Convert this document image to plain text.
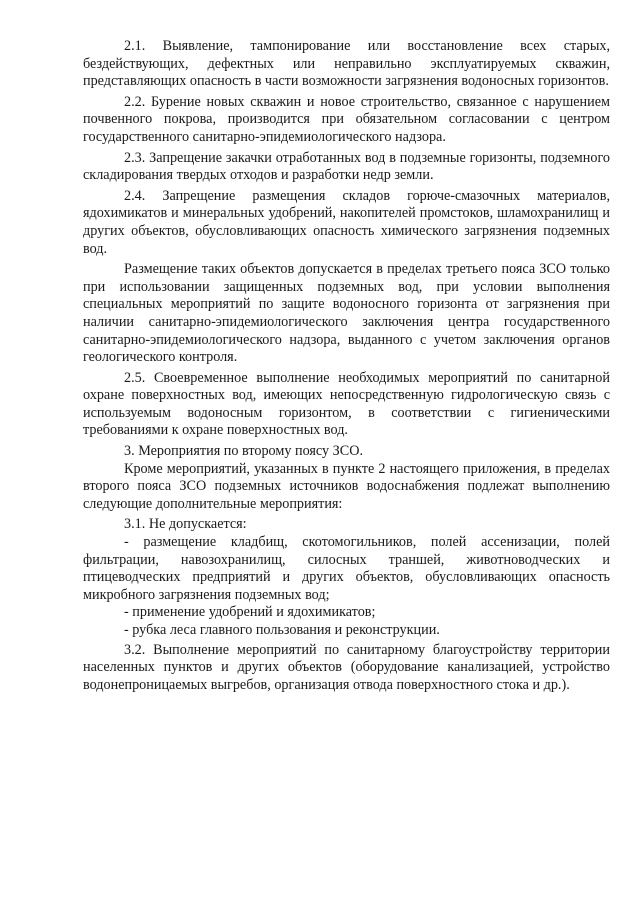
2.1. Выявление, тампонирование или восстановление всех старых, бездействующих, дефектных или неправильно эксплуатируемых скважин, представляющих опасность в части возможности загрязнения водоносных горизонтов.

2.2. Бурение новых скважин и новое строительство, связанное с нарушением почвенного покрова, производится при обязательном согласовании с центром государственного санитарно-эпидемиологического надзора.

2.3. Запрещение закачки отработанных вод в подземные горизонты, подземного складирования твердых отходов и разработки недр земли.

2.4. Запрещение размещения складов горюче-смазочных материалов, ядохимикатов и минеральных удобрений, накопителей промстоков, шламохранилищ и других объектов, обусловливающих опасность химического загрязнения подземных вод.

Размещение таких объектов допускается в пределах третьего пояса ЗСО только при использовании защищенных подземных вод, при условии выполнения специальных мероприятий по защите водоносного горизонта от загрязнения при наличии санитарно-эпидемиологического заключения центра государственного санитарно-эпидемиологического надзора, выданного с учетом заключения органов геологического контроля.

2.5. Своевременное выполнение необходимых мероприятий по санитарной охране поверхностных вод, имеющих непосредственную гидрологическую связь с используемым водоносным горизонтом, в соответствии с гигиеническими требованиями к охране поверхностных вод.

3. Мероприятия по второму поясу ЗСО.

Кроме мероприятий, указанных в пункте 2 настоящего приложения, в пределах второго пояса ЗСО подземных источников водоснабжения подлежат выполнению следующие дополнительные мероприятия:

3.1. Не допускается:

- размещение кладбищ, скотомогильников, полей ассенизации, полей фильтрации, навозохранилищ, силосных траншей, животноводческих и птицеводческих предприятий и других объектов, обусловливающих опасность микробного загрязнения подземных вод;

- применение удобрений и ядохимикатов;

- рубка леса главного пользования и реконструкции.

3.2. Выполнение мероприятий по санитарному благоустройству территории населенных пунктов и других объектов (оборудование канализацией, устройство водонепроницаемых выгребов, организация отвода поверхностного стока и др.).
